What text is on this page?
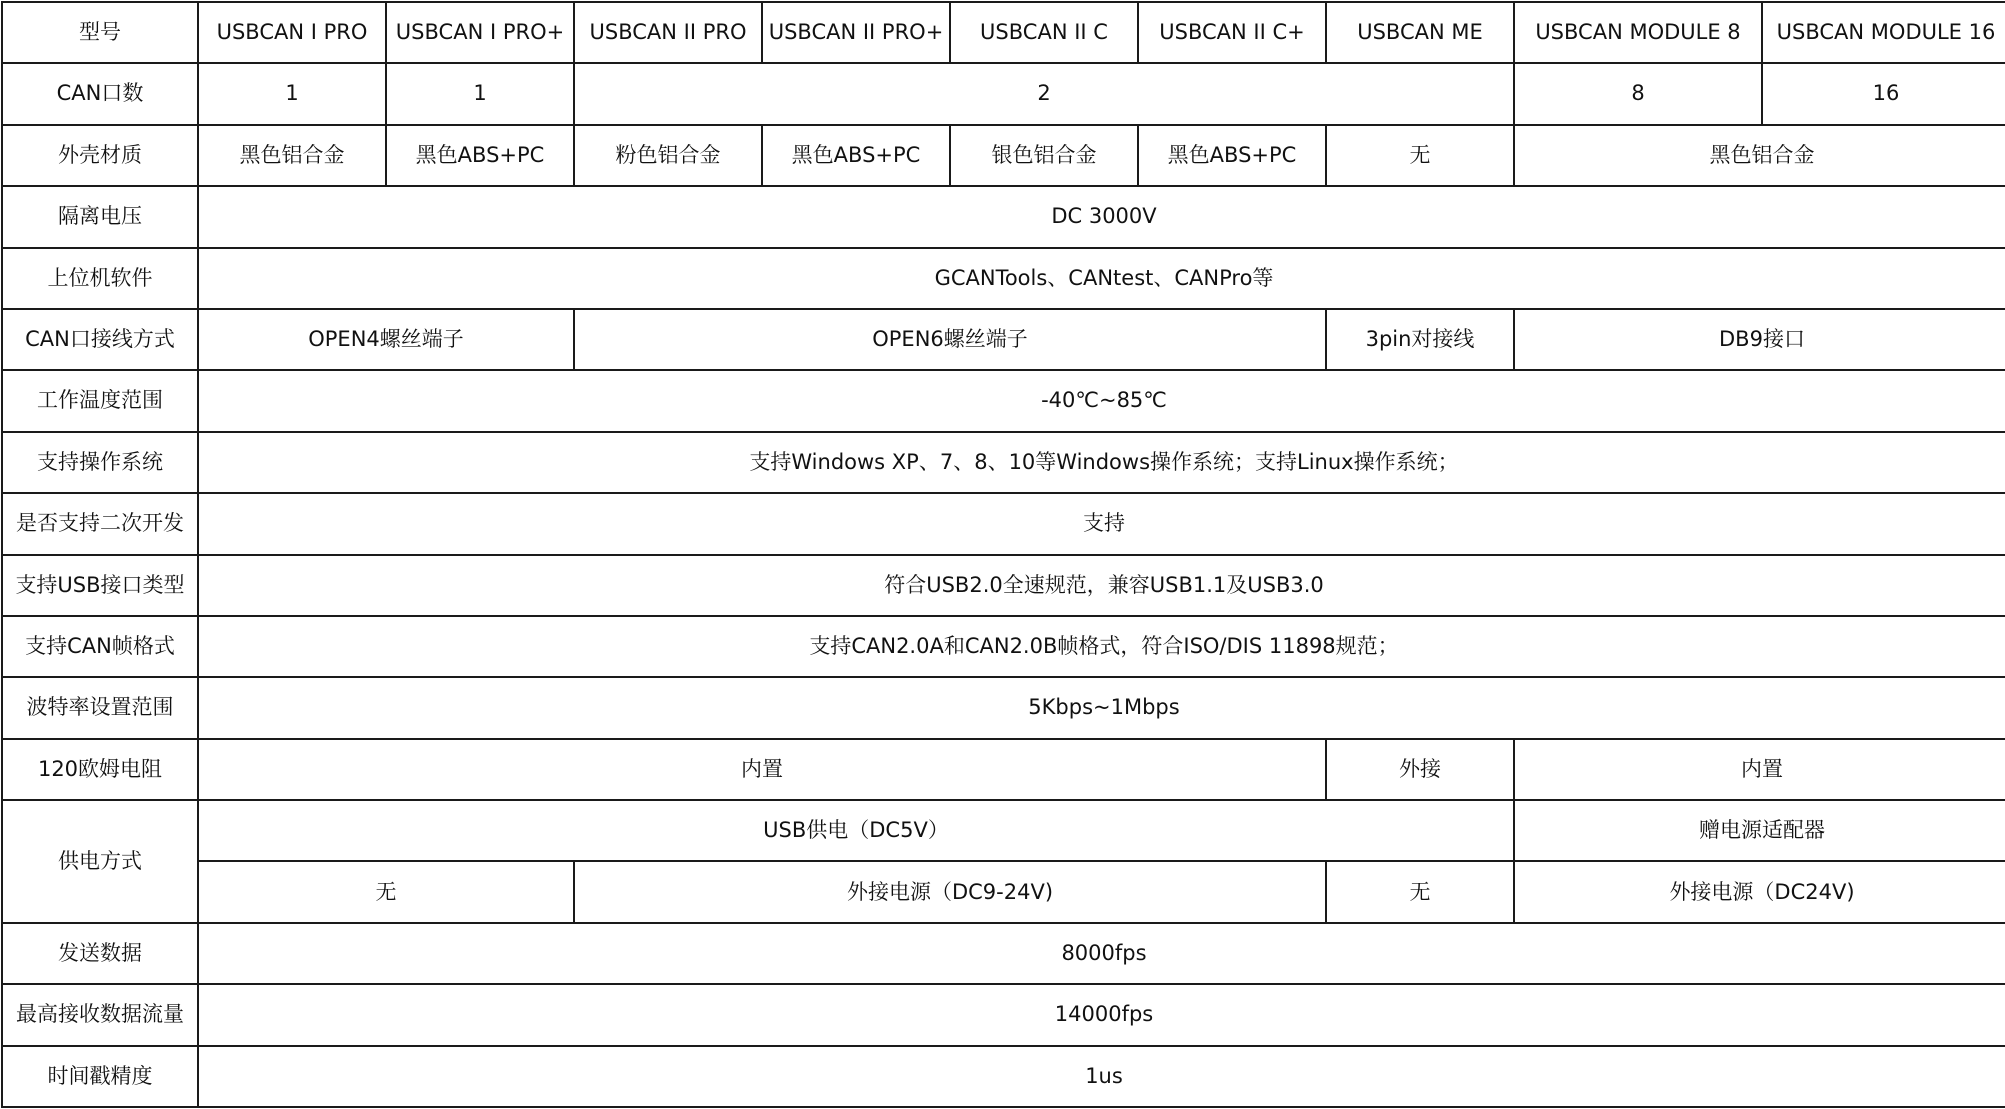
型号	USBCAN I PRO	USBCAN I PRO+	USBCAN II PRO	USBCAN II PRO+	USBCAN II C	USBCAN II C+	USBCAN ME	USBCAN MODULE 8	USBCAN MODULE 16
CAN口数	1	1	2					8	16
外壳材质	黑色铝合金	黑色ABS+PC	粉色铝合金	黑色ABS+PC	银色铝合金	黑色ABS+PC	无	黑色铝合金	
隔离电压	DC 3000V								
上位机软件	GCANTools、CANtest、CANPro等								
CAN口接线方式	OPEN4螺丝端子		OPEN6螺丝端子				3pin对接线	DB9接口	
工作温度范围	-40℃~85℃								
支持操作系统	支持Windows XP、7、8、10等Windows操作系统；支持Linux操作系统；								
是否支持二次开发	支持								
支持USB接口类型	符合USB2.0全速规范，兼容USB1.1及USB3.0								
支持CAN帧格式	支持CAN2.0A和CAN2.0B帧格式，符合ISO/DIS 11898规范；								
波特率设置范围	5Kbps~1Mbps								
120欧姆电阻	内置						外接	内置	
供电方式	USB供电（DC5V）							赠电源适配器	
	无		外接电源（DC9-24V)				无	外接电源（DC24V)	
发送数据	8000fps								
最高接收数据流量	14000fps								
时间戳精度	1us								
